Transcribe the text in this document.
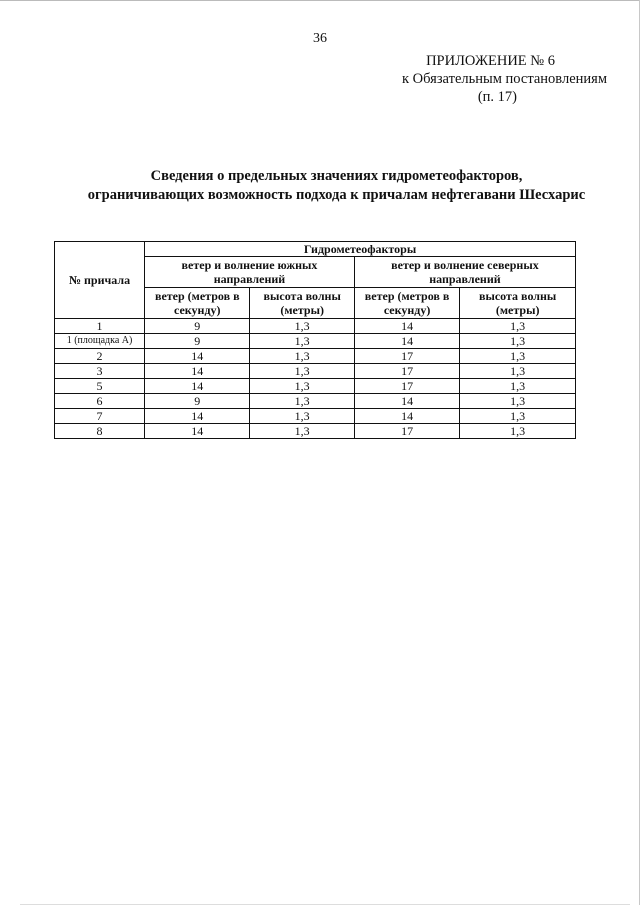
36
ПРИЛОЖЕНИЕ № 6
к Обязательным постановлениям
(п. 17)
Сведения о предельных значениях гидрометеофакторов,
ограничивающих возможность подхода к причалам нефтегавани Шесхарис
№ причала	Гидрометеофакторы			
	ветер и волнение южных направлений		ветер и волнение северных направлений	
	ветер (метров в секунду)	высота волны (метры)	ветер (метров в секунду)	высота волны (метры)
1	9	1,3	14	1,3
1 (площадка А)	9	1,3	14	1,3
2	14	1,3	17	1,3
3	14	1,3	17	1,3
5	14	1,3	17	1,3
6	9	1,3	14	1,3
7	14	1,3	14	1,3
8	14	1,3	17	1,3
